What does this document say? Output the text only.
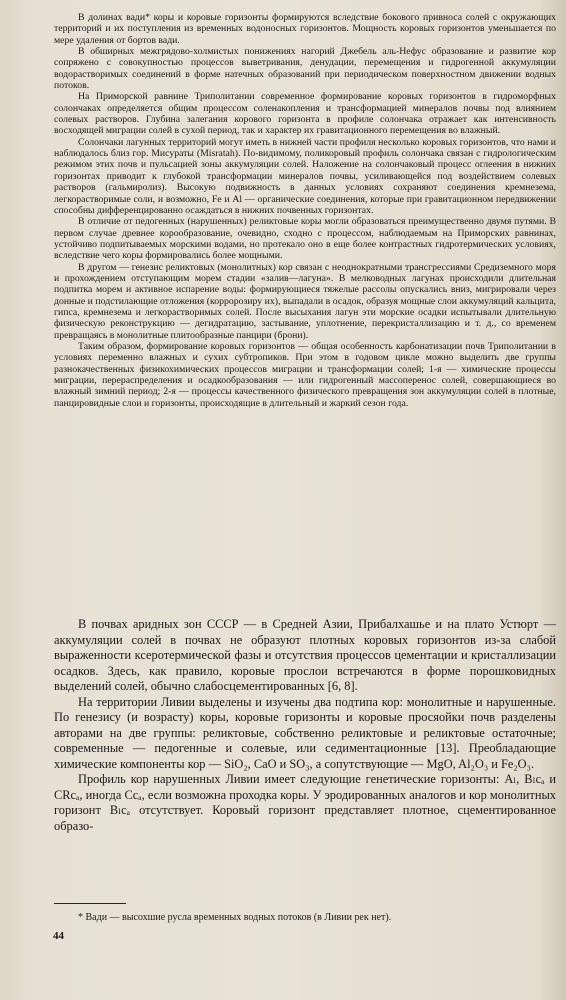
В долинах вади* коры и коровые горизонты формируются вследствие бокового привноса солей с окружающих территорий и их поступления из временных водоносных горизонтов. Мощность коровых горизонтов уменьшается по мере удаления от бортов вади.

В обширных межгрядово-холмистых понижениях нагорий Джебель аль-Нефус образование и развитие кор сопряжено с совокупностью процессов выветривания, денудации, перемещения и гидрогенной аккумуляции водорастворимых соединений в форме натечных образований при периодическом поверхностном движении водных потоков.

На Приморской равнине Триполитании современное формирование коровых горизонтов в гидроморфных солончаках определяется общим процессом соленакопления и трансформацией минералов почвы под влиянием солевых растворов. Глубина залегания корового горизонта в профиле солончака отражает как интенсивность восходящей миграции солей в сухой период, так и характер их гравитационного перемещения во влажный.

Солончаки лагунных территорий могут иметь в нижней части профиля несколько коровых горизонтов, что нами и наблюдалось близ гор. Мисураты (Misratah). По-видимому, поликоровый профиль солончака связан с гидрологическим режимом этих почв и пульсацией зоны аккумуляции солей. Наложение на солончаковый процесс оглеения в нижних горизонтах приводит к глубокой трансформации минералов почвы, усиливающейся под воздействием солевых растворов (гальмиролиз). Высокую подвижность в данных условиях сохраняют соединения кремнезема, легкорастворимые соли, и возможно, Fe и Al — органические соединения, которые при гравитационном передвижении способны дифференцированно осаждаться в нижних почвенных горизонтах.

В отличие от педогенных (нарушенных) реликтовые коры могли образоваться преимущественно двумя путями. В первом случае древнее корообразование, очевидно, сходно с процессом, наблюдаемым на Приморских равнинах, устойчиво подпитываемых морскими водами, но протекало оно в еще более контрастных гидротермических условиях, вследствие чего коры формировались более мощными.

В другом — генезис реликтовых (монолитных) кор связан с неоднократными трансгрессиями Средиземного моря и прохождением отступающим морем стадии «залив—лагуна». В мелководных лагунах происходили длительная подпитка морем и активное испарение воды: формирующиеся тяжелые рассолы опускались вниз, мигрировали через донные и подстилающие отложения (корророзиру их), выпадали в осадок, образуя мощные слои аккумуляций кальцита, гипса, кремнезема и легкорастворимых солей. После высыхания лагун эти морские осадки испытывали длительную физическую реконструкцию — дегидратацию, застывание, уплотнение, перекристаллизацию и т. д., со временем превращаясь в монолитные плитообразные панцири (брони).

Таким образом, формирование коровых горизонтов — общая особенность карбонатизации почв Триполитании в условиях переменно влажных и сухих субтропиков. При этом в годовом цикле можно выделить две группы разнокачественных физикохимических процессов миграции и трансформации солей; 1-я — химические процессы миграции, перераспределения и осадкообразования — или гидрогенный массоперенос солей, совершающиеся во влажный зимний период; 2-я — процессы качественного физического превращения зон аккумуляции солей в плотные, панцировидные слои и горизонты, происходящие в длительный и жаркий сезон года.

В почвах аридных зон СССР — в Средней Азии, Прибалхашье и на плато Устюрт — аккумуляции солей в почвах не образуют плотных коровых горизонтов из-за слабой выраженности ксеротермической фазы и отсутствия процессов цементации и кристаллизации осадков. Здесь, как правило, коровые прослои встречаются в форме порошковидных выделений солей, обычно слабосцементированных [6, 8].

На территории Ливии выделены и изучены два подтипа кор: монолитные и нарушенные. По генезису (и возрасту) коры, коровые горизонты и коровые просяойки почв разделены авторами на две группы: реликтовые, собственно реликтовые и реликтовые остаточные; современные — педогенные и солевые, или седиментационные [13]. Преобладающие химические компоненты кор — SiO₂, CaO и SO₃, а сопутствующие — MgO, Al₂O₃ и Fe₂O₃.

Профиль кор нарушенных Ливии имеет следующие генетические горизонты: Aₗ, Bₗcₐ и CRcₐ, иногда Ccₐ, если возможна проходка коры. У эродированных аналогов и кор монолитных горизонт Bₗcₐ отсутствует. Коровый горизонт представляет плотное, сцементированное образо-

* Вади — высохшие русла временных водных потоков (в Ливии рек нет).
44
